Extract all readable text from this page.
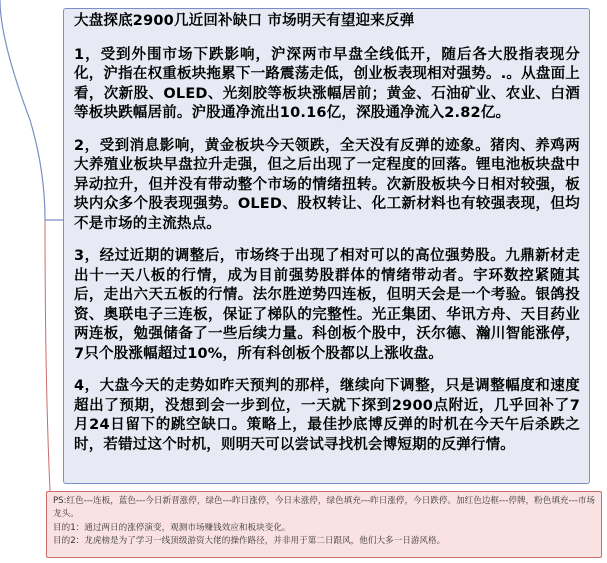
大盘探底2900几近回补缺口 市场明天有望迎来反弹
1，受到外围市场下跌影响，沪深两市早盘全线低开，随后各大股指表现分化，沪指在权重板块拖累下一路震荡走低，创业板表现相对强势。.。从盘面上看，次新股、OLED、光刻胶等板块涨幅居前；黄金、石油矿业、农业、白酒等板块跌幅居前。沪股通净流出10.16亿，深股通净流入2.82亿。
2，受到消息影响，黄金板块今天领跌，全天没有反弹的迹象。猪肉、养鸡两大养殖业板块早盘拉升走强，但之后出现了一定程度的回落。锂电池板块盘中异动拉升，但并没有带动整个市场的情绪扭转。次新股板块今日相对较强，板块内众多个股表现强势。OLED、股权转让、化工新材料也有较强表现，但均不是市场的主流热点。
3，经过近期的调整后，市场终于出现了相对可以的高位强势股。九鼎新材走出十一天八板的行情，成为目前强势股群体的情绪带动者。宇环数控紧随其后，走出六天五板的行情。法尔胜逆势四连板，但明天会是一个考验。银鸽投资、奥联电子三连板，保证了梯队的完整性。光正集团、华讯方舟、天目药业两连板，勉强储备了一些后续力量。科创板个股中，沃尔德、瀚川智能涨停，7只个股涨幅超过10%，所有科创板个股都以上涨收盘。
4，大盘今天的走势如昨天预判的那样，继续向下调整，只是调整幅度和速度超出了预期，没想到会一步到位，一天就下探到2900点附近，几乎回补了7月24日留下的跳空缺口。策略上，最佳抄底博反弹的时机在今天午后杀跌之时，若错过这个时机，则明天可以尝试寻找机会博短期的反弹行情。
PS:红色---连板，蓝色---今日新晋涨停，绿色---昨日涨停，今日未涨停，绿色填充---昨日涨停，今日跌停。加红色边框---停牌，粉色填充---市场龙头。
目的1：通过两日的涨停演变，观测市场赚钱效应和板块变化。
目的2：龙虎榜是为了学习一线顶级游资大佬的操作路径，并非用于第二日跟风，他们大多一日游风格。
